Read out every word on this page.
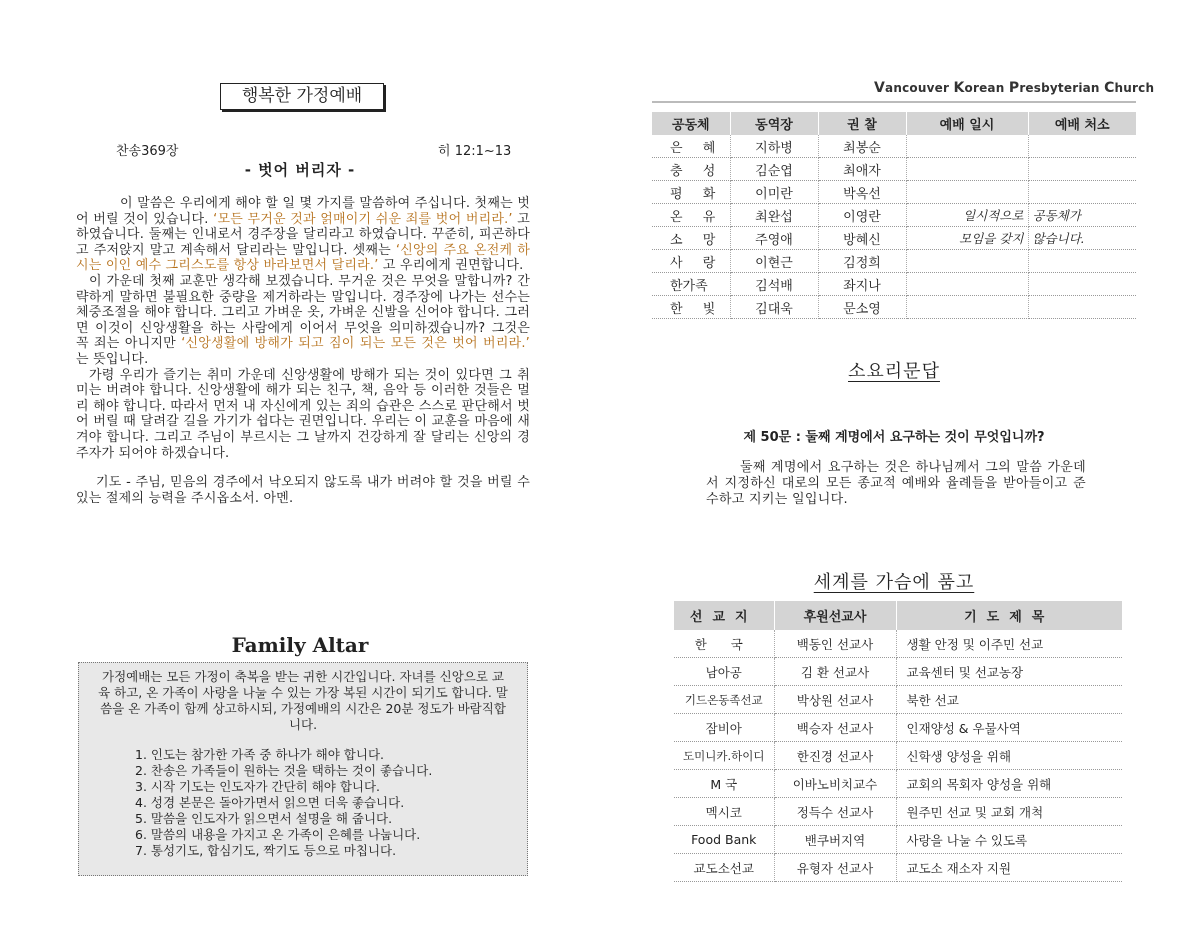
행복한 가정예배
찬송369장	히 12:1~13
- 벗어 버리자 -

이 말씀은 우리에게 해야 할 일 몇 가지를 말씀하여 주십니다. 첫째는 벗어 버릴 것이 있습니다. ‘모든 무거운 것과 얽매이기 쉬운 죄를 벗어 버리라.’ 고 하였습니다. 둘째는 인내로서 경주장을 달리라고 하였습니다. 꾸준히, 피곤하다고 주저앉지 말고 계속해서 달리라는 말입니다. 셋째는 ‘신앙의 주요 온전케 하시는 이인 예수 그리스도를 항상 바라보면서 달리라.’ 고 우리에게 권면합니다.

이 가운데 첫째 교훈만 생각해 보겠습니다. 무거운 것은 무엇을 말합니까? 간략하게 말하면 불필요한 중량을 제거하라는 말입니다. 경주장에 나가는 선수는 체중조절을 해야 합니다. 그리고 가벼운 옷, 가벼운 신발을 신어야 합니다. 그러면 이것이 신앙생활을 하는 사람에게 이어서 무엇을 의미하겠습니까? 그것은 꼭 죄는 아니지만 ‘신앙생활에 방해가 되고 짐이 되는 모든 것은 벗어 버리라.’ 는 뜻입니다.

가령 우리가 즐기는 취미 가운데 신앙생활에 방해가 되는 것이 있다면 그 취미는 버려야 합니다. 신앙생활에 해가 되는 친구, 책, 음악 등 이러한 것들은 멀리 해야 합니다. 따라서 먼저 내 자신에게 있는 죄의 습관은 스스로 판단해서 벗어 버릴 때 달려갈 길을 가기가 쉽다는 권면입니다. 우리는 이 교훈을 마음에 새겨야 합니다. 그리고 주님이 부르시는 그 날까지 건강하게 잘 달리는 신앙의 경주자가 되어야 하겠습니다.

기도 - 주님, 믿음의 경주에서 낙오되지 않도록 내가 버려야 할 것을 버릴 수 있는 절제의 능력을 주시옵소서. 아멘.

Family Altar

가정예배는 모든 가정이 축복을 받는 귀한 시간입니다. 자녀를 신앙으로 교육 하고, 온 가족이 사랑을 나눌 수 있는 가장 복된 시간이 되기도 합니다. 말씀을 온 가족이 함께 상고하시되, 가정예배의 시간은 20분 정도가 바람직합니다.

1. 인도는 참가한 가족 중 하나가 해야 합니다.
2. 찬송은 가족들이 원하는 것을 택하는 것이 좋습니다.
3. 시작 기도는 인도자가 간단히 해야 합니다.
4. 성경 본문은 돌아가면서 읽으면 더욱 좋습니다.
5. 말씀을 인도자가 읽으면서 설명을 해 줍니다.
6. 말씀의 내용을 가지고 온 가족이 은혜를 나눕니다.
7. 통성기도, 합심기도, 짝기도 등으로 마칩니다.
Vancouver Korean Presbyterian Church
공동체	동역장	권 찰	예배 일시	예배 처소
은 혜	지하병	최봉순		
충 성	김순엽	최애자		
평 화	이미란	박옥선		
온 유	최완섭	이영란	일시적으로	공동체가
소 망	주영애	방혜신	모임을 갖지	않습니다.
사 랑	이현근	김정희		
한가족	김석배	좌지나		
한 빛	김대욱	문소영		
소요리문답
제 50문 : 둘째 계명에서 요구하는 것이 무엇입니까?

둘째 계명에서 요구하는 것은 하나님께서 그의 말씀 가운데서 지정하신 대로의 모든 종교적 예배와 율례들을 받아들이고 준수하고 지키는 일입니다.

세계를 가슴에 품고
선교지	후원선교사	기도제목
한 국	백동인 선교사	생활 안정 및 이주민 선교
남아공	김 환 선교사	교육센터 및 선교농장
기드온동족선교	박상원 선교사	북한 선교
잠비아	백승자 선교사	인재양성 & 우물사역
도미니카.하이디	한진경 선교사	신학생 양성을 위해
M 국	이바노비치교수	교회의 목회자 양성을 위해
멕시코	정득수 선교사	원주민 선교 및 교회 개척
Food Bank	밴쿠버지역	사랑을 나눌 수 있도록
교도소선교	유형자 선교사	교도소 재소자 지원
